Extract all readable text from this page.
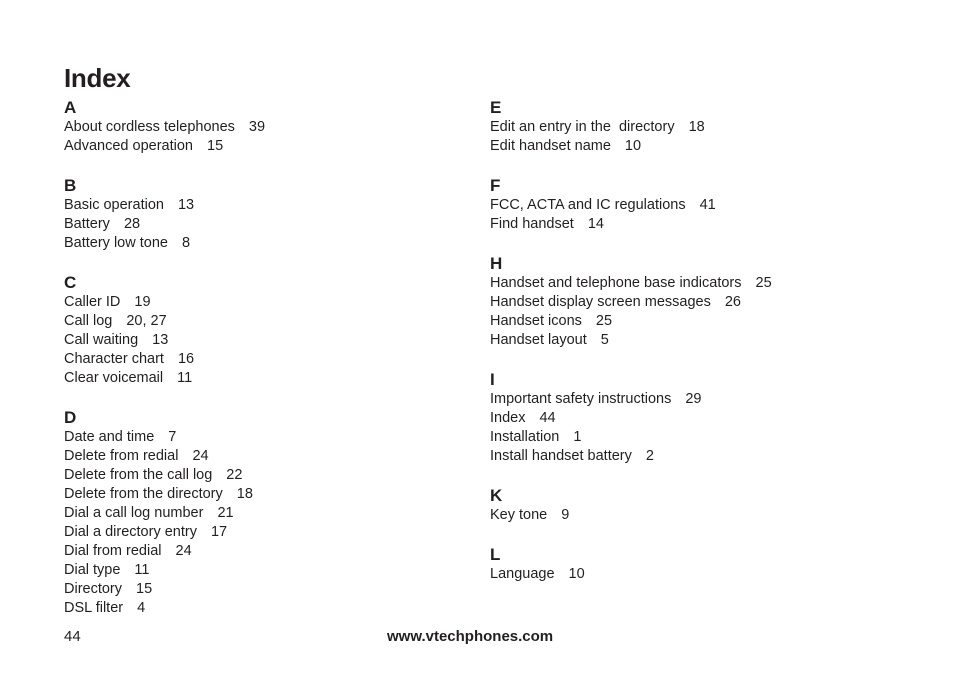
Index
A
About cordless telephones 39
Advanced operation 15
B
Basic operation 13
Battery 28
Battery low tone 8
C
Caller ID 19
Call log 20, 27
Call waiting 13
Character chart 16
Clear voicemail 11
D
Date and time 7
Delete from redial 24
Delete from the call log 22
Delete from the directory 18
Dial a call log number 21
Dial a directory entry 17
Dial from redial 24
Dial type 11
Directory 15
DSL filter 4
E
Edit an entry in the  directory 18
Edit handset name 10
F
FCC, ACTA and IC regulations 41
Find handset 14
H
Handset and telephone base indicators 25
Handset display screen messages 26
Handset icons 25
Handset layout 5
I
Important safety instructions 29
Index 44
Installation 1
Install handset battery 2
K
Key tone 9
L
Language 10
44	www.vtechphones.com
